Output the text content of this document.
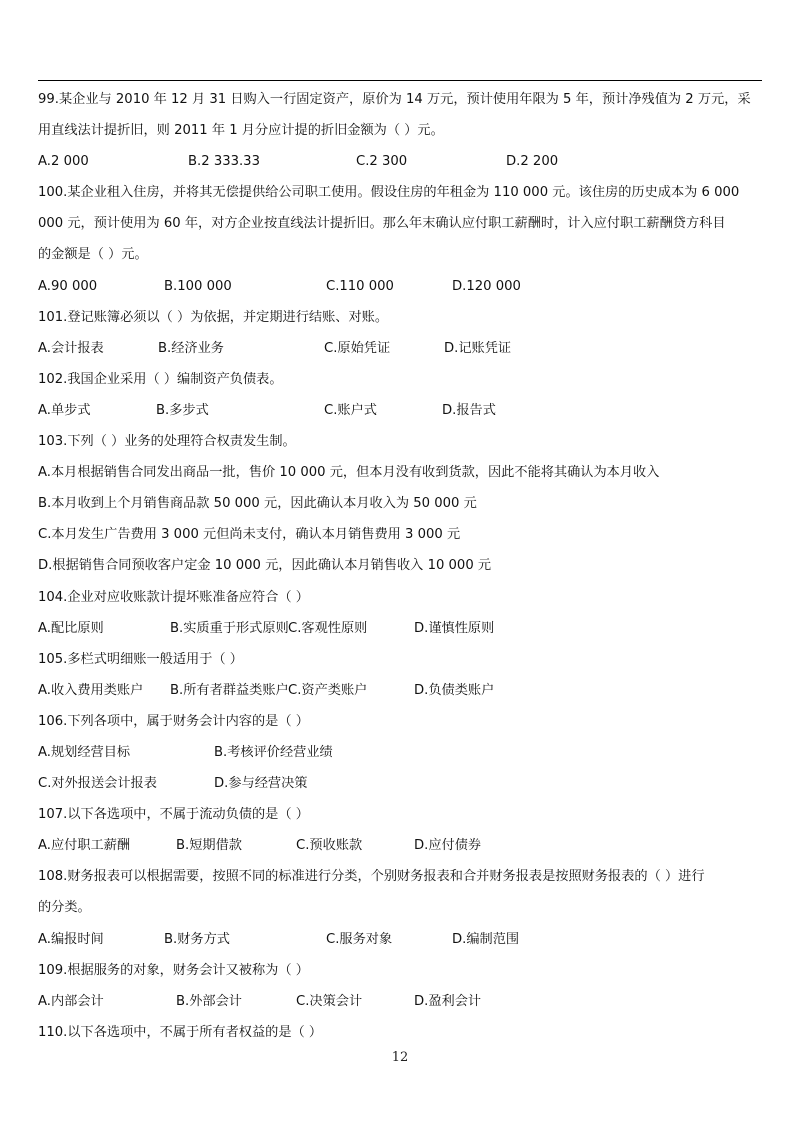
99.某企业与 2010 年 12 月 31 日购入一行固定资产，原价为 14 万元，预计使用年限为 5 年，预计净残值为 2 万元，采
用直线法计提折旧，则 2011 年 1 月分应计提的折旧金额为（ ）元。
A.2 000	B.2 333.33	C.2 300	D.2 200
100.某企业租入住房，并将其无偿提供给公司职工使用。假设住房的年租金为 110 000 元。该住房的历史成本为 6 000
000 元，预计使用为 60 年，对方企业按直线法计提折旧。那么年末确认应付职工薪酬时，计入应付职工薪酬贷方科目
的金额是（ ）元。
A.90 000	B.100 000	C.110 000	D.120 000
101.登记账簿必须以（ ）为依据，并定期进行结账、对账。
A.会计报表	B.经济业务	C.原始凭证	D.记账凭证
102.我国企业采用（ ）编制资产负债表。
A.单步式	B.多步式	C.账户式	D.报告式
103.下列（ ）业务的处理符合权责发生制。
A.本月根据销售合同发出商品一批，售价 10 000 元，但本月没有收到货款，因此不能将其确认为本月收入
B.本月收到上个月销售商品款 50 000 元，因此确认本月收入为 50 000 元
C.本月发生广告费用 3 000 元但尚未支付，确认本月销售费用 3 000 元
D.根据销售合同预收客户定金 10 000 元，因此确认本月销售收入 10 000 元
104.企业对应收账款计提坏账准备应符合（ ）
A.配比原则	B.实质重于形式原则 C.客观性原则	D.谨慎性原则
105.多栏式明细账一般适用于（ ）
A.收入费用类账户	B.所有者群益类账户 C.资产类账户	D.负债类账户
106.下列各项中，属于财务会计内容的是（ ）
A.规划经营目标	B.考核评价经营业绩
C.对外报送会计报表	D.参与经营决策
107.以下各选项中，不属于流动负债的是（ ）
A.应付职工薪酬	B.短期借款	C.预收账款	D.应付债券
108.财务报表可以根据需要，按照不同的标准进行分类，个别财务报表和合并财务报表是按照财务报表的（ ）进行
的分类。
A.编报时间	B.财务方式	C.服务对象	D.编制范围
109.根据服务的对象，财务会计又被称为（ ）
A.内部会计	B.外部会计	C.决策会计	D.盈利会计
110.以下各选项中，不属于所有者权益的是（ ）
12
